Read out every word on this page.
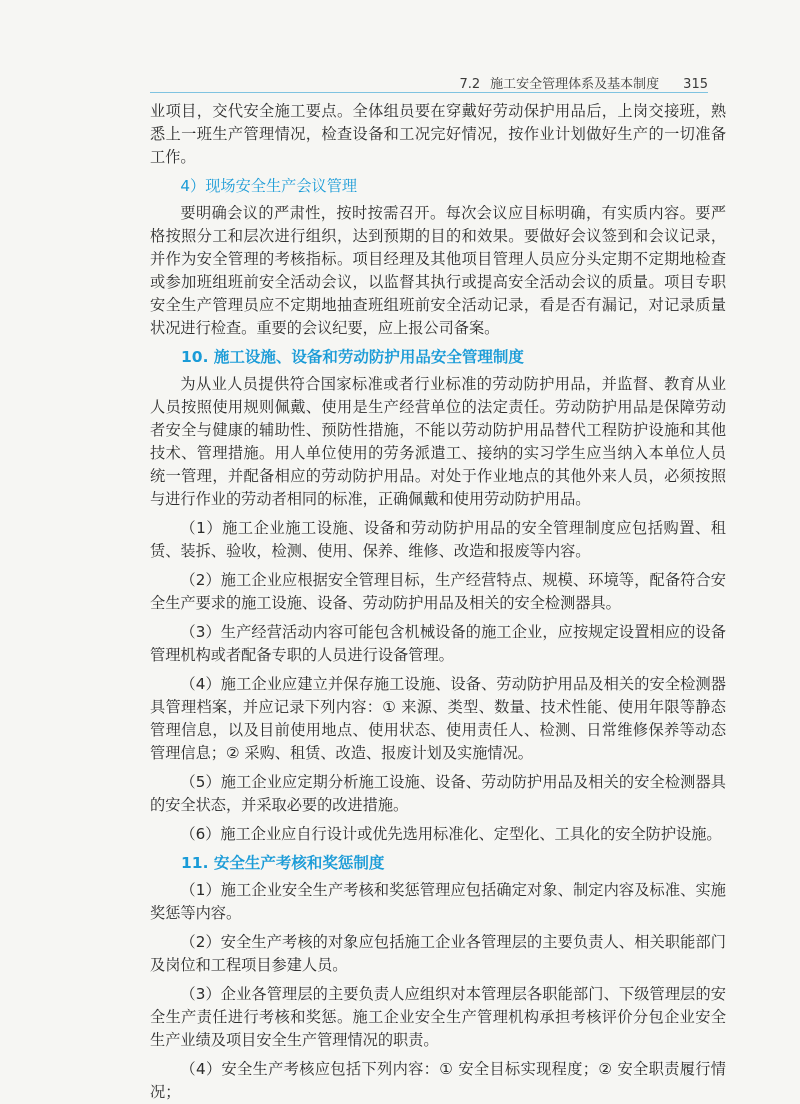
7.2 施工安全管理体系及基本制度 315

业项目，交代安全施工要点。全体组员要在穿戴好劳动保护用品后，上岗交接班，熟悉上一班生产管理情况，检查设备和工况完好情况，按作业计划做好生产的一切准备工作。

4）现场安全生产会议管理

要明确会议的严肃性，按时按需召开。每次会议应目标明确，有实质内容。要严格按照分工和层次进行组织，达到预期的目的和效果。要做好会议签到和会议记录，并作为安全管理的考核指标。项目经理及其他项目管理人员应分头定期不定期地检查或参加班组班前安全活动会议，以监督其执行或提高安全活动会议的质量。项目专职安全生产管理员应不定期地抽查班组班前安全活动记录，看是否有漏记，对记录质量状况进行检查。重要的会议纪要，应上报公司备案。

10. 施工设施、设备和劳动防护用品安全管理制度

为从业人员提供符合国家标准或者行业标准的劳动防护用品，并监督、教育从业人员按照使用规则佩戴、使用是生产经营单位的法定责任。劳动防护用品是保障劳动者安全与健康的辅助性、预防性措施，不能以劳动防护用品替代工程防护设施和其他技术、管理措施。用人单位使用的劳务派遣工、接纳的实习学生应当纳入本单位人员统一管理，并配备相应的劳动防护用品。对处于作业地点的其他外来人员，必须按照与进行作业的劳动者相同的标准，正确佩戴和使用劳动防护用品。

（1）施工企业施工设施、设备和劳动防护用品的安全管理制度应包括购置、租赁、装拆、验收，检测、使用、保养、维修、改造和报废等内容。

（2）施工企业应根据安全管理目标，生产经营特点、规模、环境等，配备符合安全生产要求的施工设施、设备、劳动防护用品及相关的安全检测器具。

（3）生产经营活动内容可能包含机械设备的施工企业，应按规定设置相应的设备管理机构或者配备专职的人员进行设备管理。

（4）施工企业应建立并保存施工设施、设备、劳动防护用品及相关的安全检测器具管理档案，并应记录下列内容：① 来源、类型、数量、技术性能、使用年限等静态管理信息，以及目前使用地点、使用状态、使用责任人、检测、日常维修保养等动态管理信息；② 采购、租赁、改造、报废计划及实施情况。

（5）施工企业应定期分析施工设施、设备、劳动防护用品及相关的安全检测器具的安全状态，并采取必要的改进措施。

（6）施工企业应自行设计或优先选用标准化、定型化、工具化的安全防护设施。

11. 安全生产考核和奖惩制度

（1）施工企业安全生产考核和奖惩管理应包括确定对象、制定内容及标准、实施奖惩等内容。

（2）安全生产考核的对象应包括施工企业各管理层的主要负责人、相关职能部门及岗位和工程项目参建人员。

（3）企业各管理层的主要负责人应组织对本管理层各职能部门、下级管理层的安全生产责任进行考核和奖惩。施工企业安全生产管理机构承担考核评价分包企业安全生产业绩及项目安全生产管理情况的职责。

（4）安全生产考核应包括下列内容：① 安全目标实现程度；② 安全职责履行情况；
